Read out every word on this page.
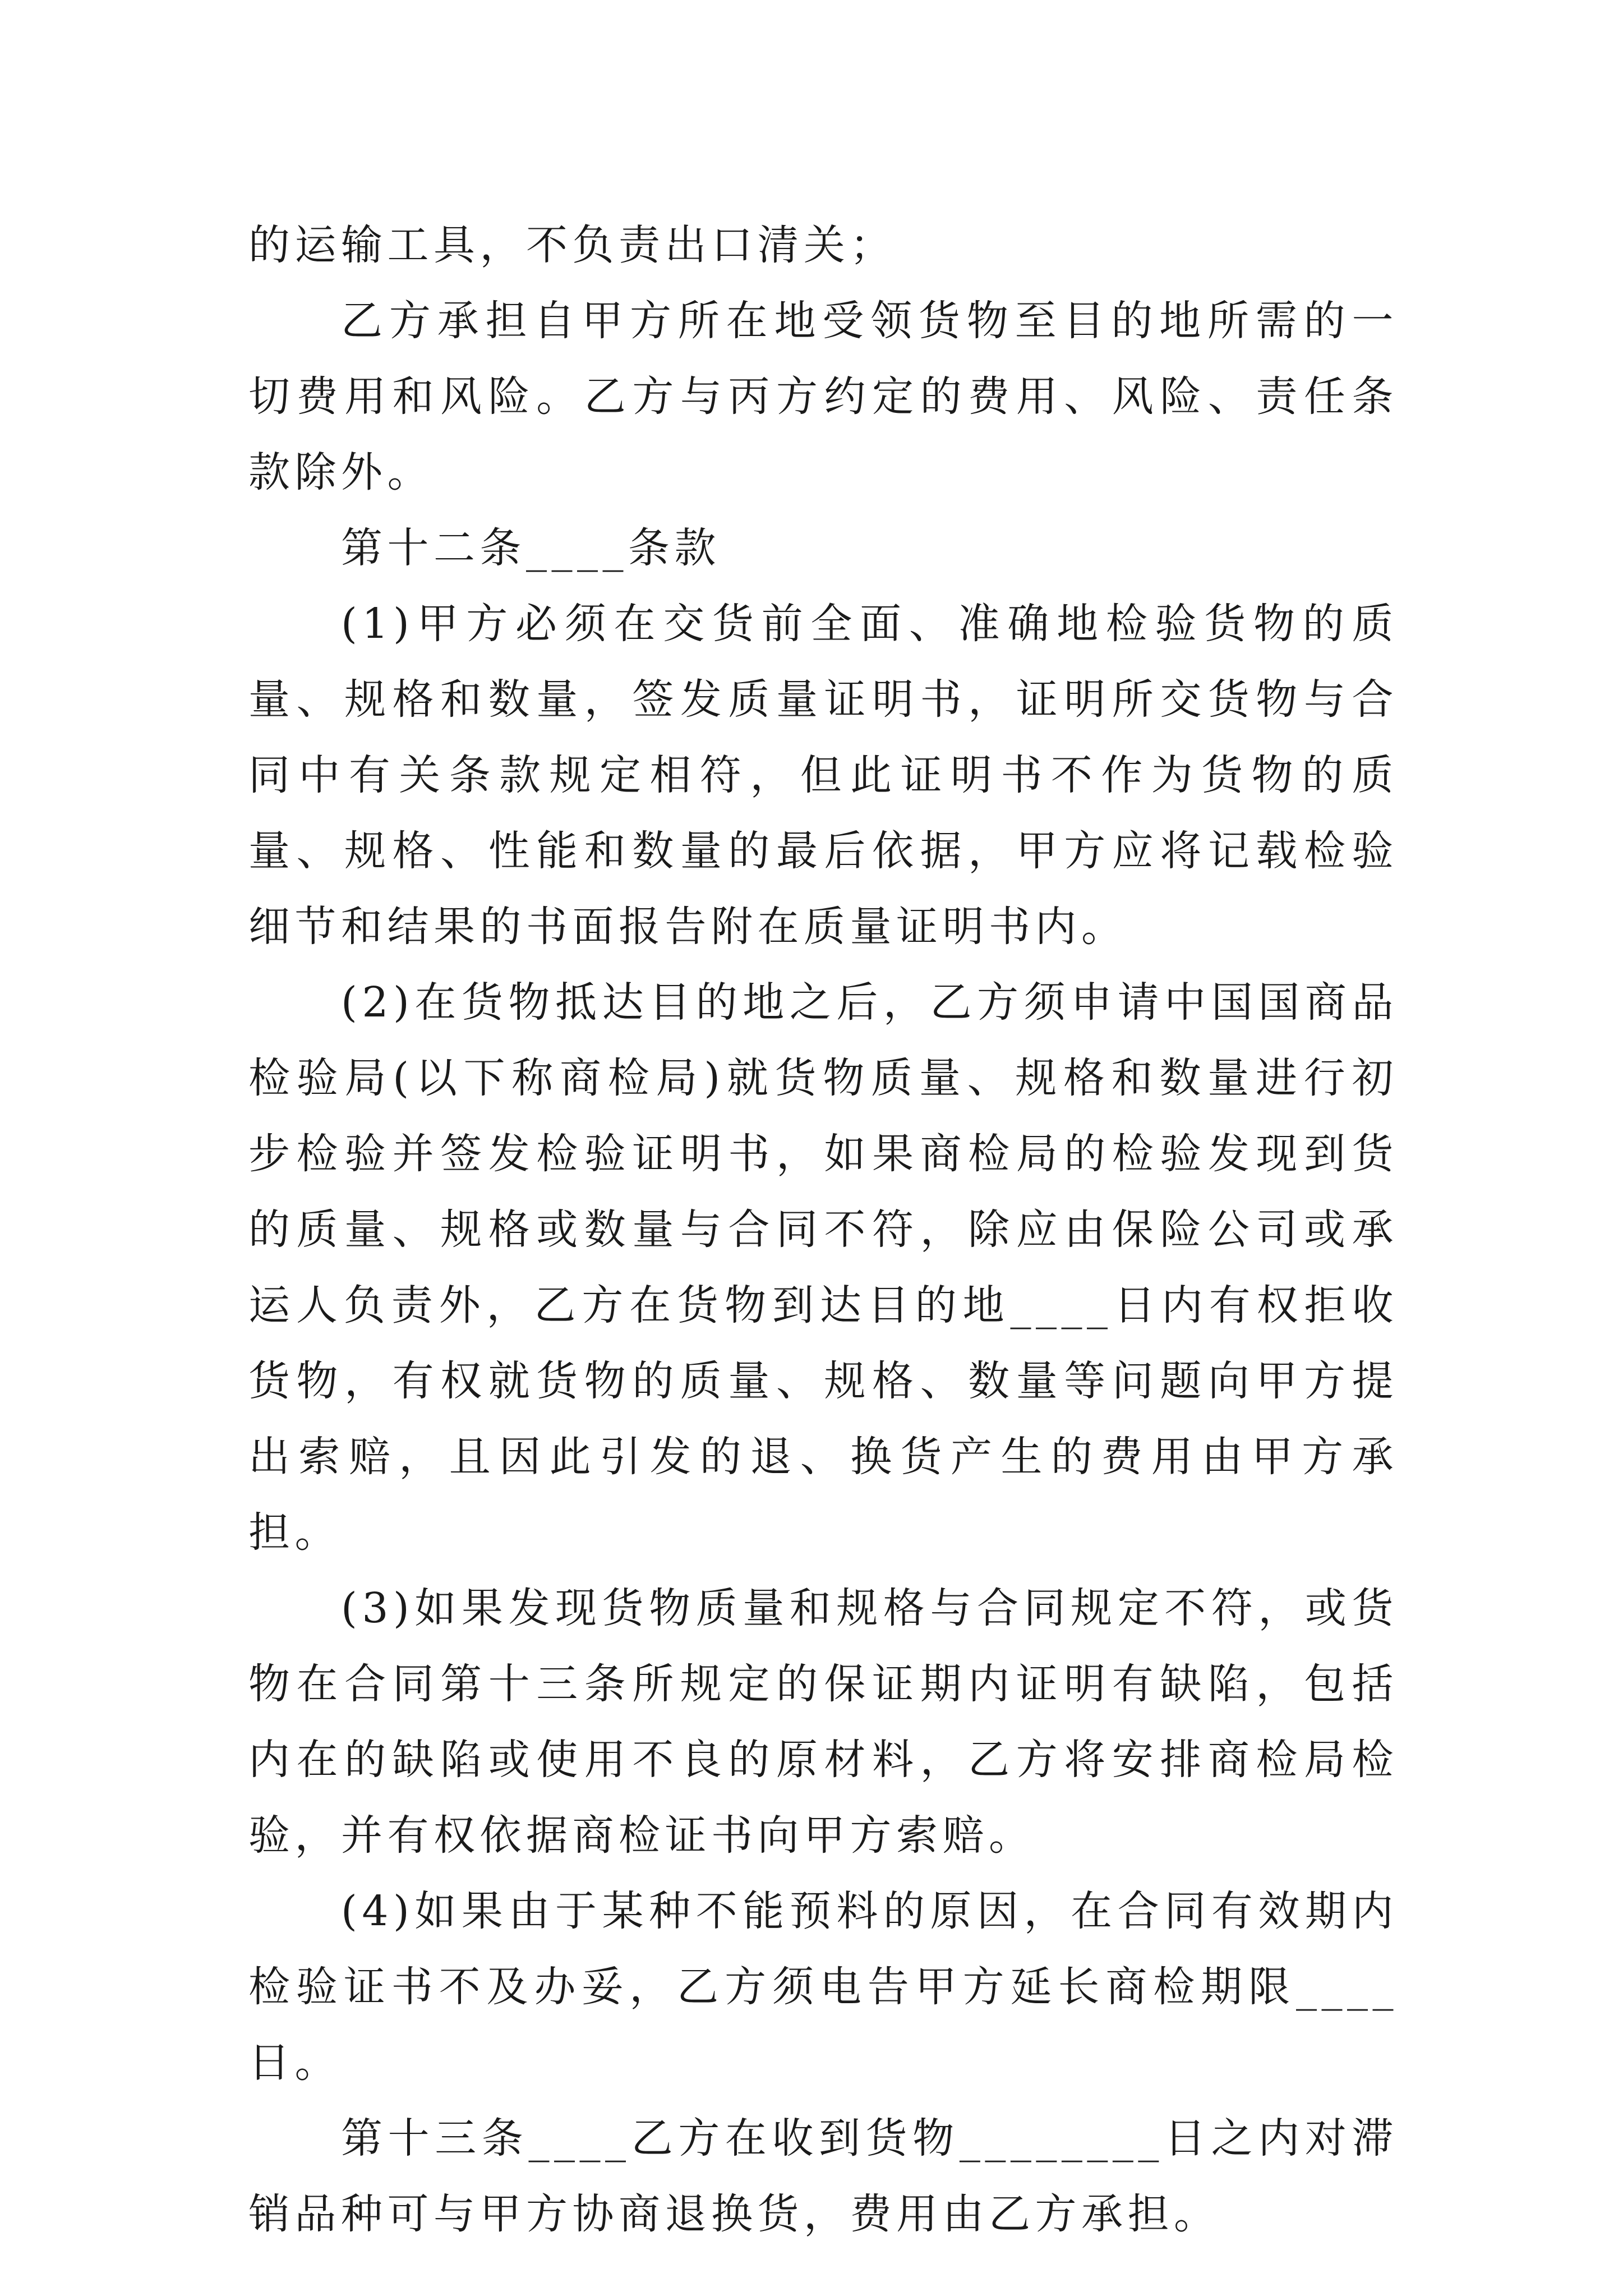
的运输工具，不负责出口清关；

乙方承担自甲方所在地受领货物至目的地所需的一切费用和风险。乙方与丙方约定的费用、风险、责任条款除外。

第十二条____条款

(1)甲方必须在交货前全面、准确地检验货物的质量、规格和数量，签发质量证明书，证明所交货物与合同中有关条款规定相符，但此证明书不作为货物的质量、规格、性能和数量的最后依据，甲方应将记载检验细节和结果的书面报告附在质量证明书内。

(2)在货物抵达目的地之后，乙方须申请中国国商品检验局(以下称商检局)就货物质量、规格和数量进行初步检验并签发检验证明书，如果商检局的检验发现到货的质量、规格或数量与合同不符，除应由保险公司或承运人负责外，乙方在货物到达目的地____日内有权拒收货物，有权就货物的质量、规格、数量等问题向甲方提出索赔，且因此引发的退、换货产生的费用由甲方承担。

(3)如果发现货物质量和规格与合同规定不符，或货物在合同第十三条所规定的保证期内证明有缺陷，包括内在的缺陷或使用不良的原材料，乙方将安排商检局检验，并有权依据商检证书向甲方索赔。

(4)如果由于某种不能预料的原因，在合同有效期内检验证书不及办妥，乙方须电告甲方延长商检期限____日。

第十三条____乙方在收到货物________日之内对滞销品种可与甲方协商退换货，费用由乙方承担。
